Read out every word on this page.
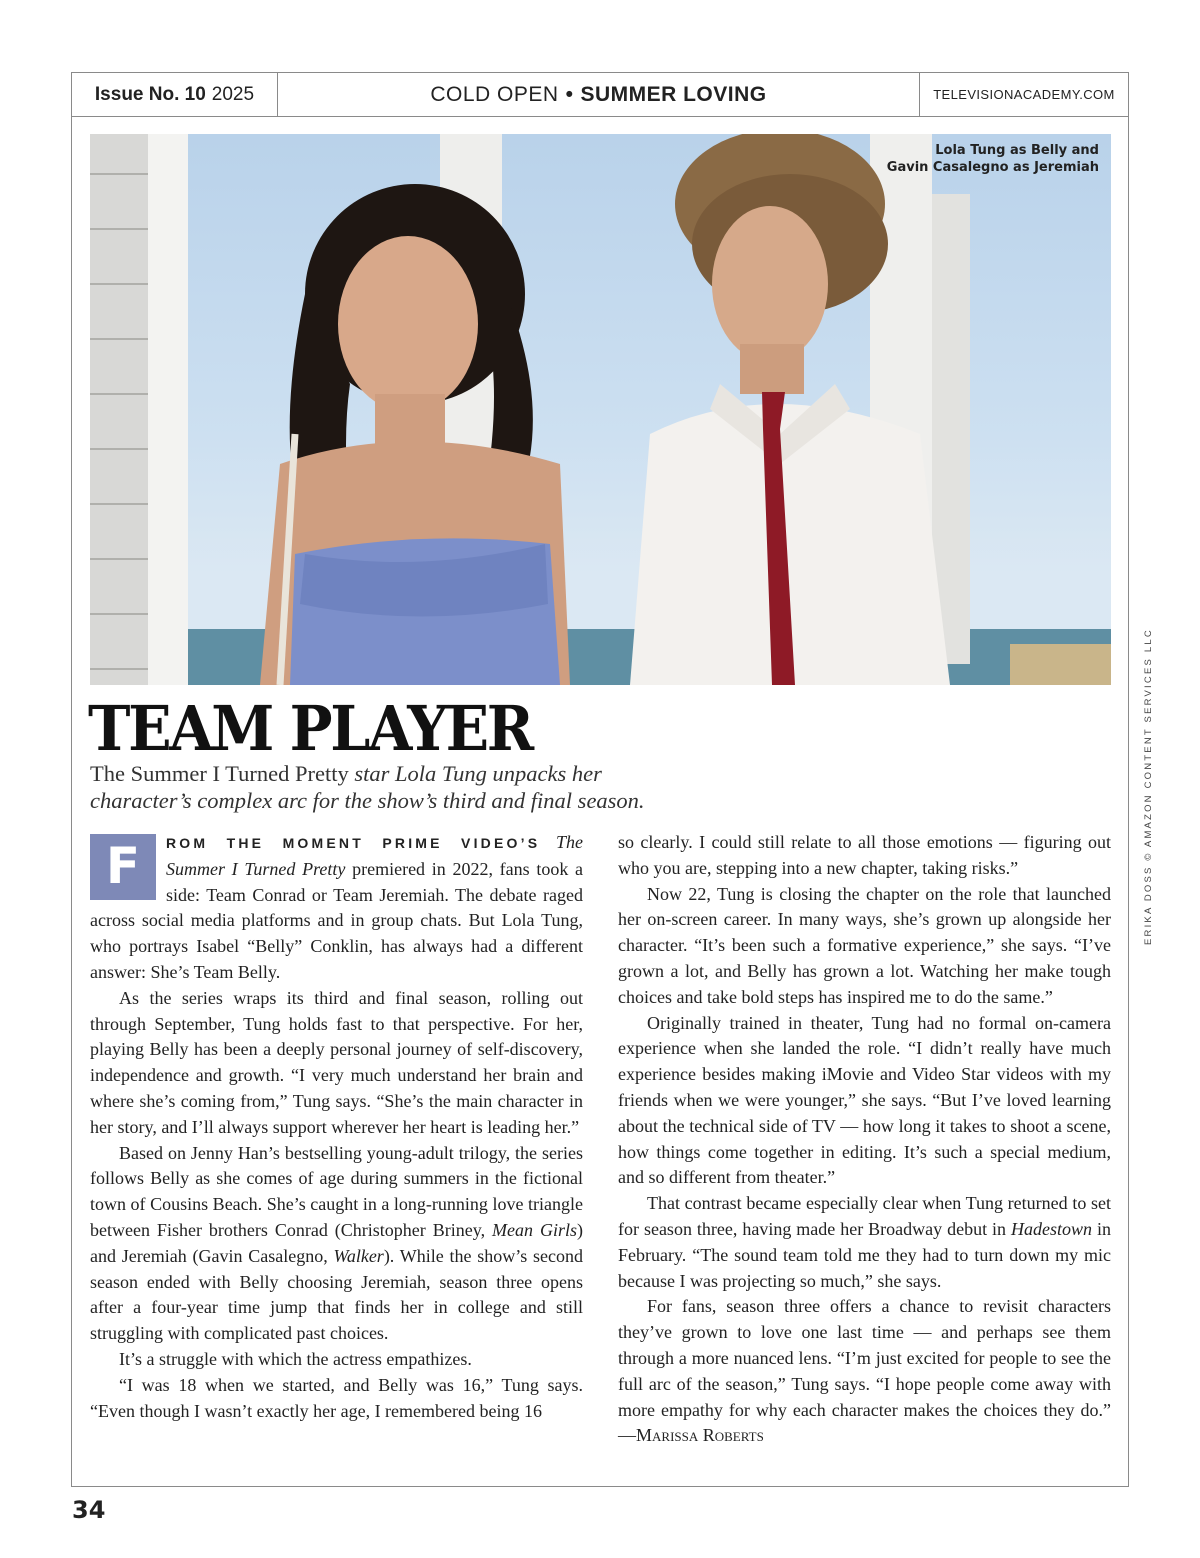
Issue No. 10 2025	COLD OPEN • SUMMER LOVING	TELEVISIONACADEMY.COM
Lola Tung as Belly and
Gavin Casalegno as Jeremiah
TEAM PLAYER
The Summer I Turned Pretty star Lola Tung unpacks her
character’s complex arc for the show’s third and final season.

F	ROM THE MOMENT PRIME VIDEO’S The Summer I Turned Pretty premiered in 2022, fans took a side: Team Conrad or Team Jeremiah. The debate raged across social media platforms and in group chats. But Lola Tung, who portrays Isabel “Belly” Conklin, has always had a different answer: She’s Team Belly.

As the series wraps its third and final season, rolling out through September, Tung holds fast to that perspective. For her, playing Belly has been a deeply personal journey of self-discovery, independence and growth. “I very much understand her brain and where she’s coming from,” Tung says. “She’s the main character in her story, and I’ll always support wherever her heart is leading her.”

Based on Jenny Han’s bestselling young-adult trilogy, the series follows Belly as she comes of age during summers in the fictional town of Cousins Beach. She’s caught in a long-running love triangle between Fisher brothers Conrad (Christopher Briney, Mean Girls) and Jeremiah (Gavin Casalegno, Walker). While the show’s second season ended with Belly choosing Jeremiah, season three opens after a four-year time jump that finds her in college and still struggling with complicated past choices.

It’s a struggle with which the actress empathizes.

“I was 18 when we started, and Belly was 16,” Tung says. “Even though I wasn’t exactly her age, I remembered being 16

so clearly. I could still relate to all those emotions — figuring out who you are, stepping into a new chapter, taking risks.”

Now 22, Tung is closing the chapter on the role that launched her on-screen career. In many ways, she’s grown up alongside her character. “It’s been such a formative experience,” she says. “I’ve grown a lot, and Belly has grown a lot. Watching her make tough choices and take bold steps has inspired me to do the same.”

Originally trained in theater, Tung had no formal on-camera experience when she landed the role. “I didn’t really have much experience besides making iMovie and Video Star videos with my friends when we were younger,” she says. “But I’ve loved learning about the technical side of TV — how long it takes to shoot a scene, how things come together in editing. It’s such a special medium, and so different from theater.”

That contrast became especially clear when Tung returned to set for season three, having made her Broadway debut in Hadestown in February. “The sound team told me they had to turn down my mic because I was projecting so much,” she says.

For fans, season three offers a chance to revisit characters they’ve grown to love one last time — and perhaps see them through a more nuanced lens. “I’m just excited for people to see the full arc of the season,” Tung says. “I hope people come away with more empathy for why each character makes the choices they do.” —Marissa Roberts

ERIKA DOSS © AMAZON CONTENT SERVICES LLC
34
